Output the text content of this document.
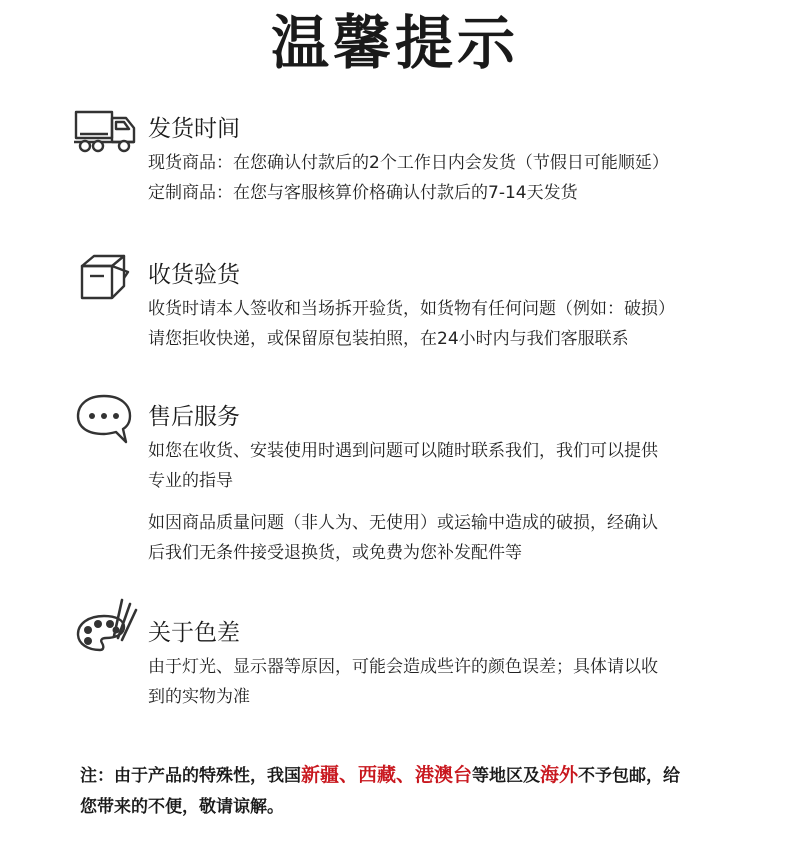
温馨提示
发货时间

现货商品：在您确认付款后的2个工作日内会发货（节假日可能顺延）

定制商品：在您与客服核算价格确认付款后的7-14天发货

收货验货

收货时请本人签收和当场拆开验货，如货物有任何问题（例如：破损）

请您拒收快递，或保留原包装拍照，在24小时内与我们客服联系

售后服务

如您在收货、安装使用时遇到问题可以随时联系我们，我们可以提供

专业的指导

如因商品质量问题（非人为、无使用）或运输中造成的破损，经确认

后我们无条件接受退换货，或免费为您补发配件等

关于色差

由于灯光、显示器等原因，可能会造成些许的颜色误差；具体请以收

到的实物为准

注：由于产品的特殊性，我国新疆、西藏、港澳台等地区及海外不予包邮，给
您带来的不便，敬请谅解。
